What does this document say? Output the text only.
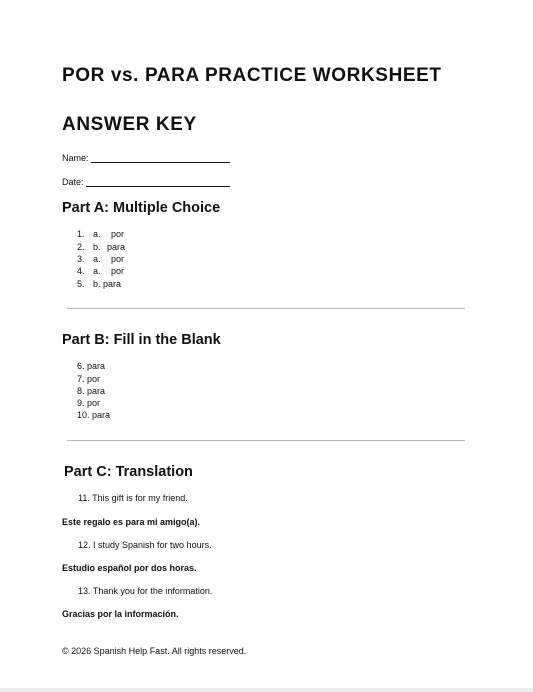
POR vs. PARA PRACTICE WORKSHEET
ANSWER KEY
Name:
Date:
Part A: Multiple Choice
1. a. por
2. b. para
3. a. por
4. a. por
5. b. para
Part B: Fill in the Blank
6. para
7. por
8. para
9. por
10. para
Part C: Translation
11. This gift is for my friend.
Este regalo es para mi amigo(a).
12. I study Spanish for two hours.
Estudio español por dos horas.
13. Thank you for the information.
Gracias por la información.
© 2026 Spanish Help Fast. All rights reserved.
